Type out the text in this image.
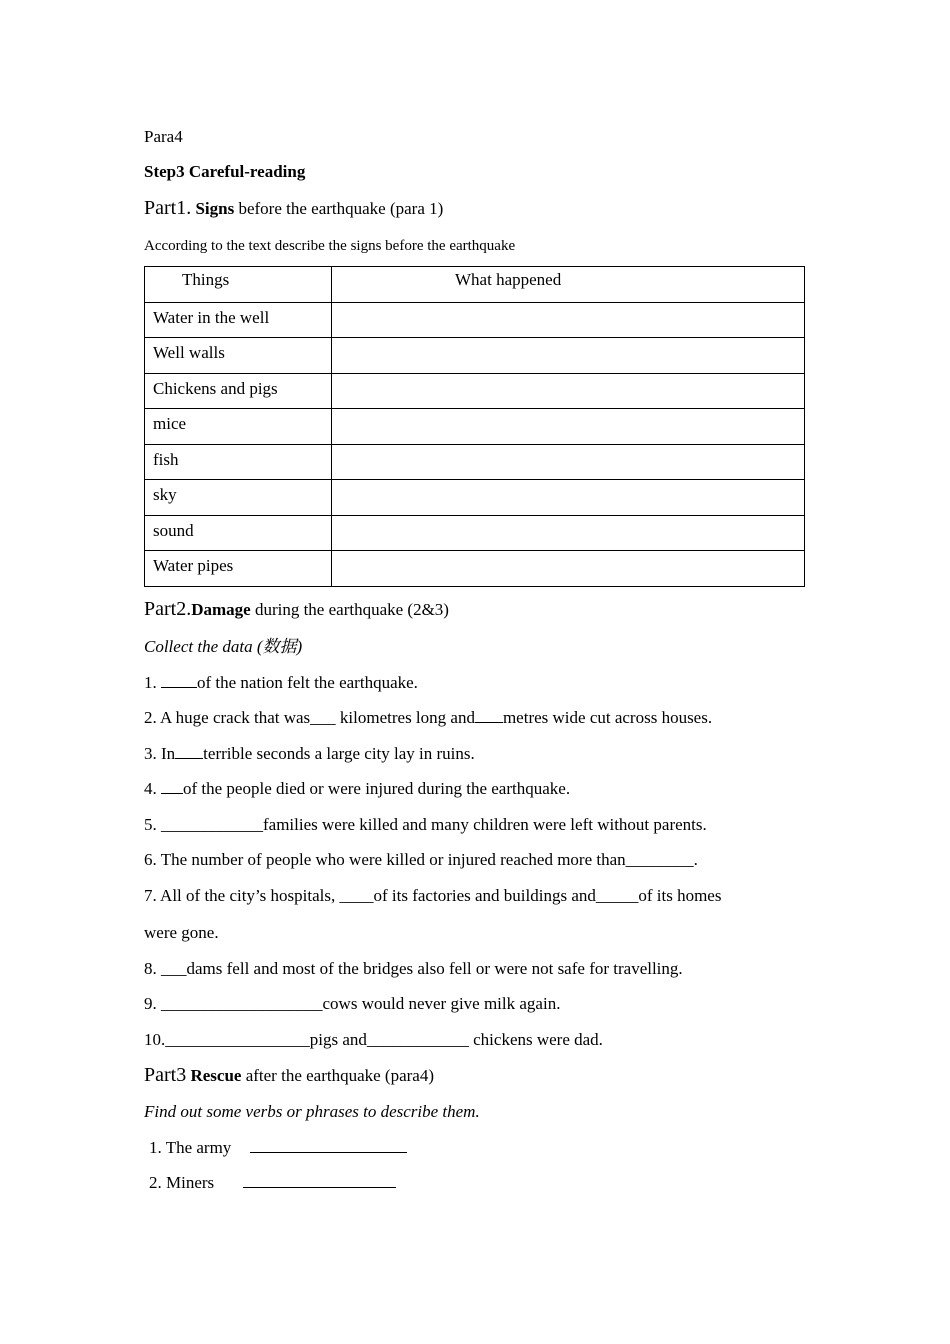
Para4
Step3 Careful-reading
Part1. Signs before the earthquake (para 1)
According to the text describe the signs before the earthquake
Things	What happened
Water in the well	
Well walls	
Chickens and pigs	
mice	
fish	
sky	
sound	
Water pipes	
Part2.Damage during the earthquake (2&3)
Collect the data (数据)
1. of the nation felt the earthquake.
2. A huge crack that was___ kilometres long and metres wide cut across houses.
3. In terrible seconds a large city lay in ruins.
4. of the people died or were injured during the earthquake.
5. ____________families were killed and many children were left without parents.
6. The number of people who were killed or injured reached more than________.
7. All of the city’s hospitals, ____of its factories and buildings and_____of its homes
were gone.
8. ___dams fell and most of the bridges also fell or were not safe for travelling.
9. ___________________cows would never give milk again.
10._________________pigs and____________ chickens were dad.
Part3 Rescue after the earthquake (para4)
Find out some verbs or phrases to describe them.
1. The army
2. Miners
